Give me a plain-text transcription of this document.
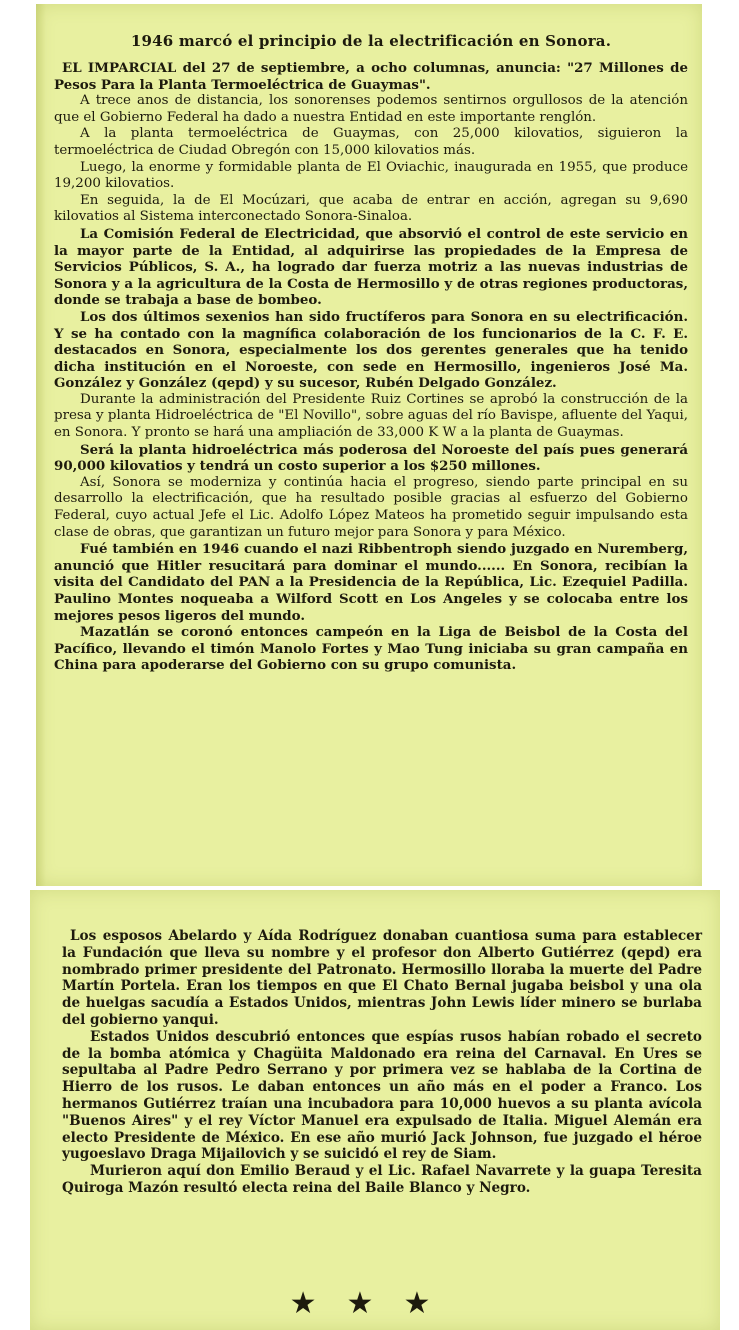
1946 marcó el principio de la electrificación en Sonora.

EL IMPARCIAL del 27 de septiembre, a ocho columnas, anuncia: "27 Millones de Pesos Para la Planta Termoeléctrica de Guaymas".

A trece anos de distancia, los sonorenses podemos sentirnos orgullosos de la atención que el Gobierno Federal ha dado a nuestra Entidad en este importante renglón.

A la planta termoeléctrica de Guaymas, con 25,000 kilovatios, siguieron la termoeléctrica de Ciudad Obregón con 15,000 kilovatios más.

Luego, la enorme y formidable planta de El Oviachic, inaugurada en 1955, que produce 19,200 kilovatios.

En seguida, la de El Mocúzari, que acaba de entrar en acción, agregan su 9,690 kilovatios al Sistema interconectado Sonora-Sinaloa.

La Comisión Federal de Electricidad, que absorvió el control de este servicio en la mayor parte de la Entidad, al adquirirse las propiedades de la Empresa de Servicios Públicos, S. A., ha logrado dar fuerza motriz a las nuevas industrias de Sonora y a la agricultura de la Costa de Hermosillo y de otras regiones productoras, donde se trabaja a base de bombeo.

Los dos últimos sexenios han sido fructíferos para Sonora en su electrificación. Y se ha contado con la magnífica colaboración de los funcionarios de la C. F. E. destacados en Sonora, especialmente los dos gerentes generales que ha tenido dicha institución en el Noroeste, con sede en Hermosillo, ingenieros José Ma. González y González (qepd) y su sucesor, Rubén Delgado González.

Durante la administración del Presidente Ruiz Cortines se aprobó la construcción de la presa y planta Hidroeléctrica de "El Novillo", sobre aguas del río Bavispe, afluente del Yaqui, en Sonora. Y pronto se hará una ampliación de 33,000 K W a la planta de Guaymas.

Será la planta hidroeléctrica más poderosa del Noroeste del país pues generará 90,000 kilovatios y tendrá un costo superior a los $250 millones.

Así, Sonora se moderniza y continúa hacia el progreso, siendo parte principal en su desarrollo la electrificación, que ha resultado posible gracias al esfuerzo del Gobierno Federal, cuyo actual Jefe el Lic. Adolfo López Mateos ha prometido seguir impulsando esta clase de obras, que garantizan un futuro mejor para Sonora y para México.

Fué también en 1946 cuando el nazi Ribbentroph siendo juzgado en Nuremberg, anunció que Hitler resucitará para dominar el mundo...... En Sonora, recibían la visita del Candidato del PAN a la Presidencia de la República, Lic. Ezequiel Padilla. Paulino Montes noqueaba a Wilford Scott en Los Angeles y se colocaba entre los mejores pesos ligeros del mundo.

Mazatlán se coronó entonces campeón en la Liga de Beisbol de la Costa del Pacífico, llevando el timón Manolo Fortes y Mao Tung iniciaba su gran campaña en China para apoderarse del Gobierno con su grupo comunista.

Los esposos Abelardo y Aída Rodríguez donaban cuantiosa suma para establecer la Fundación que lleva su nombre y el profesor don Alberto Gutiérrez (qepd) era nombrado primer presidente del Patronato. Hermosillo lloraba la muerte del Padre Martín Portela. Eran los tiempos en que El Chato Bernal jugaba beisbol y una ola de huelgas sacudía a Estados Unidos, mientras John Lewis líder minero se burlaba del gobierno yanqui.

Estados Unidos descubrió entonces que espías rusos habían robado el secreto de la bomba atómica y Chagüita Maldonado era reina del Carnaval. En Ures se sepultaba al Padre Pedro Serrano y por primera vez se hablaba de la Cortina de Hierro de los rusos. Le daban entonces un año más en el poder a Franco. Los hermanos Gutiérrez traían una incubadora para 10,000 huevos a su planta avícola "Buenos Aires" y el rey Víctor Manuel era expulsado de Italia. Miguel Alemán era electo Presidente de México. En ese año murió Jack Johnson, fue juzgado el héroe yugoeslavo Draga Mijailovich y se suicidó el rey de Siam.

Murieron aquí don Emilio Beraud y el Lic. Rafael Navarrete y la guapa Teresita Quiroga Mazón resultó electa reina del Baile Blanco y Negro.

★★★
